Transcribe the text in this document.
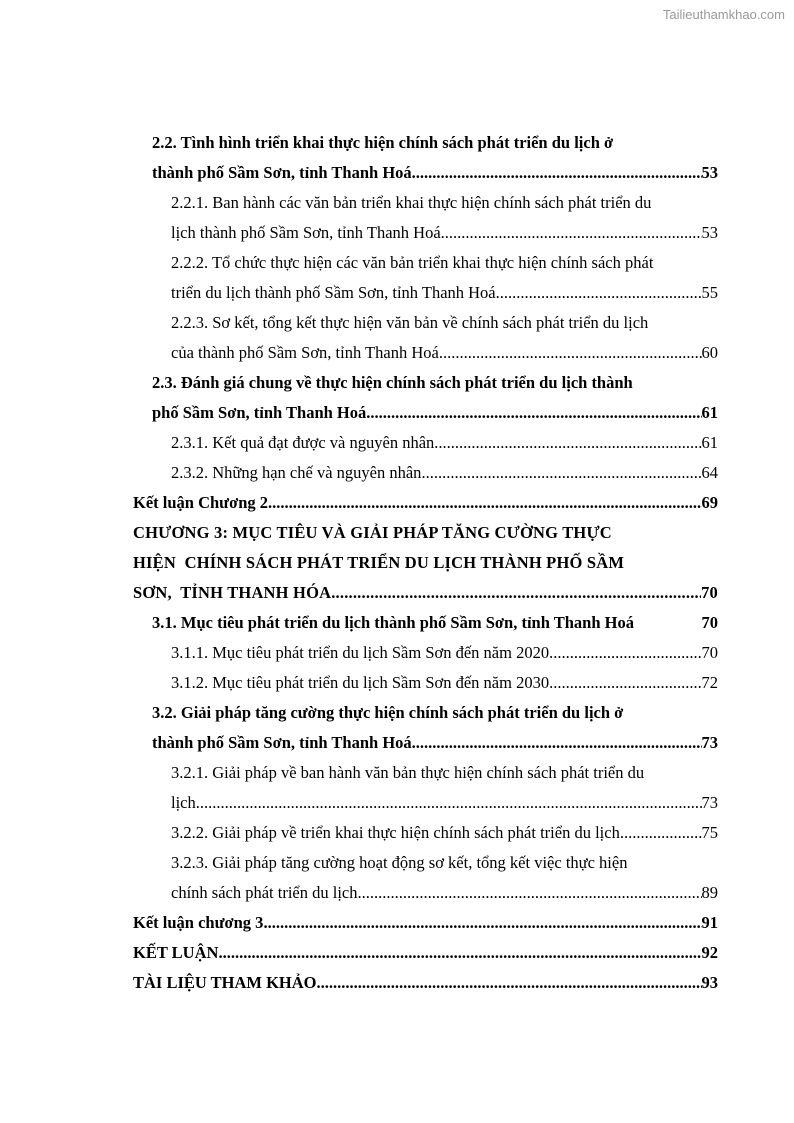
Tailieuthamkhao.com
2.2. Tình hình triển khai thực hiện chính sách phát triển du lịch ở
thành phố Sầm Sơn, tỉnh Thanh Hoá .....	53
2.2.1. Ban hành các văn bản triển khai thực hiện chính sách phát triển du
lịch thành phố Sầm Sơn, tỉnh Thanh Hoá .....	53
2.2.2. Tổ chức thực hiện các văn bản triển khai thực hiện chính sách phát
triển du lịch thành phố Sầm Sơn, tỉnh Thanh Hoá .....	55
2.2.3. Sơ kết, tổng kết thực hiện văn bản về chính sách phát triển du lịch
của thành phố Sầm Sơn, tỉnh Thanh Hoá .....	60
2.3. Đánh giá chung về thực hiện chính sách phát triển du lịch thành
phố Sầm Sơn, tỉnh Thanh Hoá .....	61
2.3.1. Kết quả đạt được và nguyên nhân .....	61
2.3.2. Những hạn chế và nguyên nhân .....	64
Kết luận Chương 2 .....	69
CHƯƠNG 3: MỤC TIÊU VÀ GIẢI PHÁP TĂNG CƯỜNG THỰC
HIỆN  CHÍNH SÁCH PHÁT TRIỂN DU LỊCH THÀNH PHỐ SẦM
SƠN,  TỈNH THANH HÓA .....	70
3.1. Mục tiêu phát triển du lịch thành phố Sầm Sơn, tỉnh Thanh Hoá	70
3.1.1. Mục tiêu phát triển du lịch Sầm Sơn đến năm 2020 .....	70
3.1.2. Mục tiêu phát triển du lịch Sầm Sơn đến năm 2030 .....	72
3.2. Giải pháp tăng cường thực hiện chính sách phát triển du lịch ở
thành phố Sầm Sơn, tỉnh Thanh Hoá .....	73
3.2.1. Giải pháp về ban hành văn bản thực hiện chính sách phát triển du
lịch .....	73
3.2.2. Giải pháp về triển khai thực hiện chính sách phát triển du lịch .....	75
3.2.3. Giải pháp tăng cường hoạt động sơ kết, tổng kết việc thực hiện
chính sách phát triển du lịch .....	89
Kết luận chương 3 .....	91
KẾT LUẬN .....	92
TÀI LIỆU THAM KHẢO .....	93
